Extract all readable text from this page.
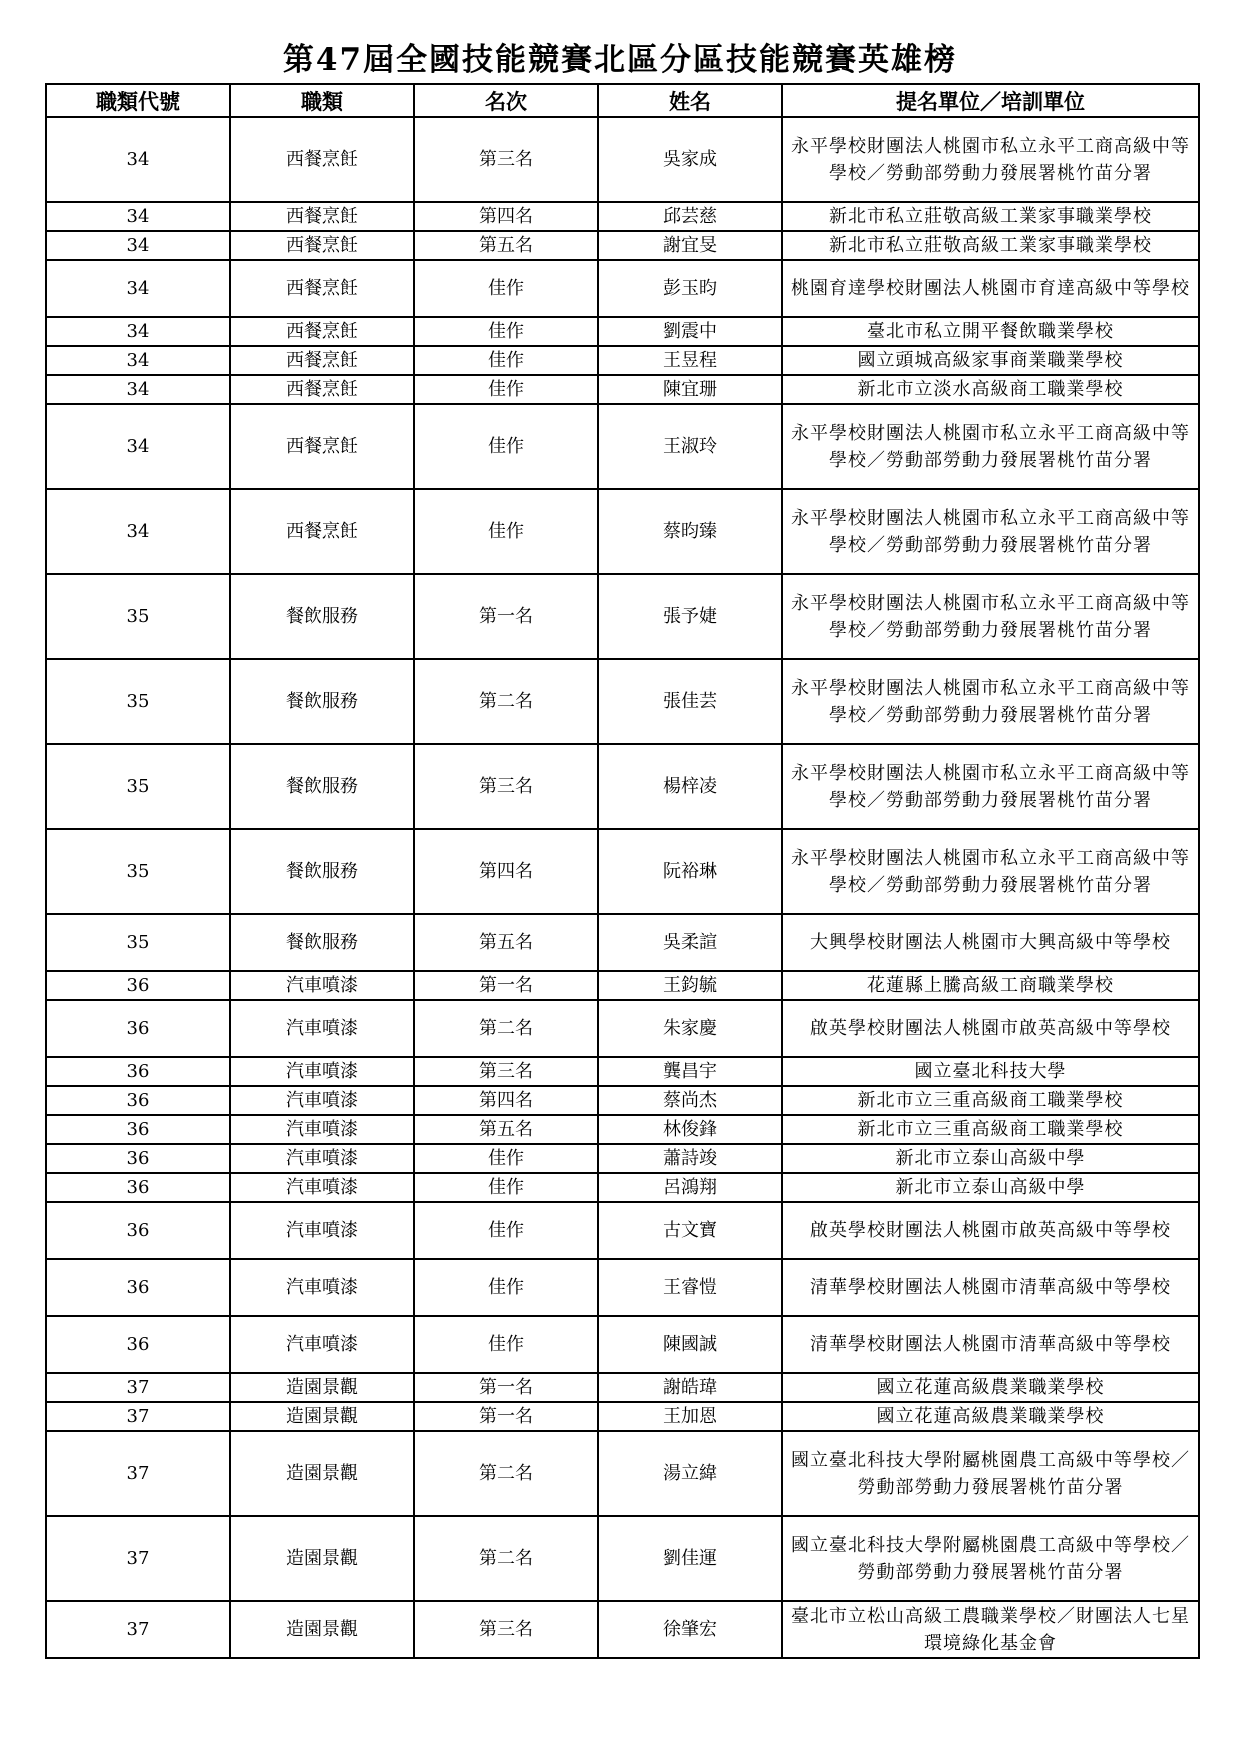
第47屆全國技能競賽北區分區技能競賽英雄榜
職類代號	職類	名次	姓名	提名單位／培訓單位
34	西餐烹飪	第三名	吳家成	永平學校財團法人桃園市私立永平工商高級中等學校／勞動部勞動力發展署桃竹苗分署
34	西餐烹飪	第四名	邱芸慈	新北市私立莊敬高級工業家事職業學校
34	西餐烹飪	第五名	謝宜旻	新北市私立莊敬高級工業家事職業學校
34	西餐烹飪	佳作	彭玉昀	桃園育達學校財團法人桃園市育達高級中等學校
34	西餐烹飪	佳作	劉震中	臺北市私立開平餐飲職業學校
34	西餐烹飪	佳作	王昱程	國立頭城高級家事商業職業學校
34	西餐烹飪	佳作	陳宜珊	新北市立淡水高級商工職業學校
34	西餐烹飪	佳作	王淑玲	永平學校財團法人桃園市私立永平工商高級中等學校／勞動部勞動力發展署桃竹苗分署
34	西餐烹飪	佳作	蔡昀臻	永平學校財團法人桃園市私立永平工商高級中等學校／勞動部勞動力發展署桃竹苗分署
35	餐飲服務	第一名	張予婕	永平學校財團法人桃園市私立永平工商高級中等學校／勞動部勞動力發展署桃竹苗分署
35	餐飲服務	第二名	張佳芸	永平學校財團法人桃園市私立永平工商高級中等學校／勞動部勞動力發展署桃竹苗分署
35	餐飲服務	第三名	楊梓凌	永平學校財團法人桃園市私立永平工商高級中等學校／勞動部勞動力發展署桃竹苗分署
35	餐飲服務	第四名	阮裕琳	永平學校財團法人桃園市私立永平工商高級中等學校／勞動部勞動力發展署桃竹苗分署
35	餐飲服務	第五名	吳柔諠	大興學校財團法人桃園市大興高級中等學校
36	汽車噴漆	第一名	王鈞毓	花蓮縣上騰高級工商職業學校
36	汽車噴漆	第二名	朱家慶	啟英學校財團法人桃園市啟英高級中等學校
36	汽車噴漆	第三名	龔昌宇	國立臺北科技大學
36	汽車噴漆	第四名	蔡尚杰	新北市立三重高級商工職業學校
36	汽車噴漆	第五名	林俊鋒	新北市立三重高級商工職業學校
36	汽車噴漆	佳作	蕭詩竣	新北市立泰山高級中學
36	汽車噴漆	佳作	呂鴻翔	新北市立泰山高級中學
36	汽車噴漆	佳作	古文寶	啟英學校財團法人桃園市啟英高級中等學校
36	汽車噴漆	佳作	王睿愷	清華學校財團法人桃園市清華高級中等學校
36	汽車噴漆	佳作	陳國誠	清華學校財團法人桃園市清華高級中等學校
37	造園景觀	第一名	謝皓瑋	國立花蓮高級農業職業學校
37	造園景觀	第一名	王加恩	國立花蓮高級農業職業學校
37	造園景觀	第二名	湯立緯	國立臺北科技大學附屬桃園農工高級中等學校／勞動部勞動力發展署桃竹苗分署
37	造園景觀	第二名	劉佳運	國立臺北科技大學附屬桃園農工高級中等學校／勞動部勞動力發展署桃竹苗分署
37	造園景觀	第三名	徐肇宏	臺北市立松山高級工農職業學校／財團法人七星環境綠化基金會
